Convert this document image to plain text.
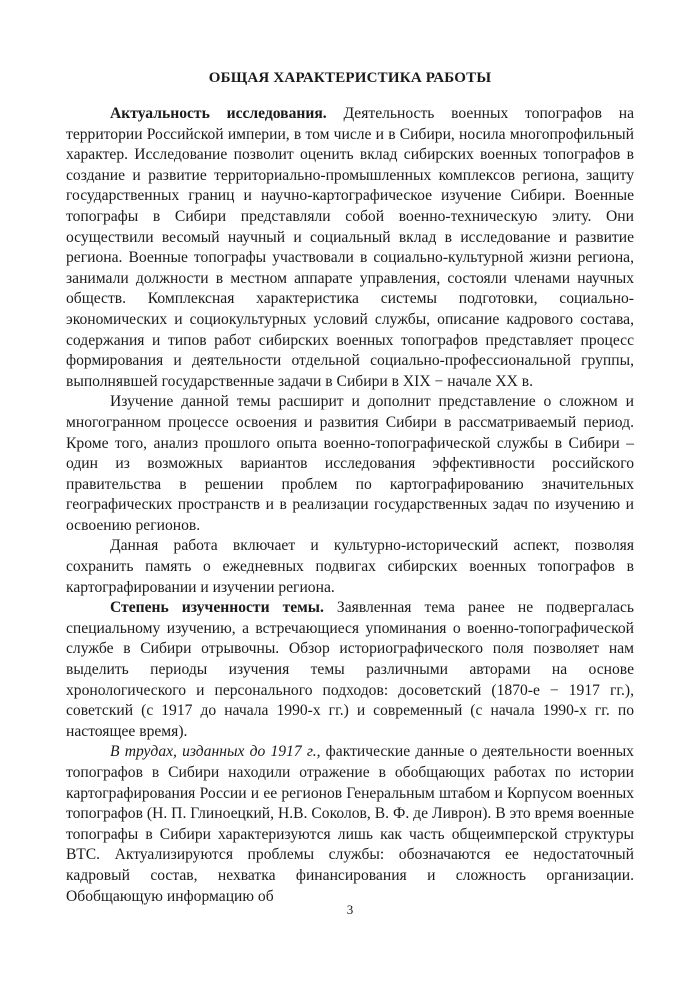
ОБЩАЯ ХАРАКТЕРИСТИКА РАБОТЫ

Актуальность исследования. Деятельность военных топографов на территории Российской империи, в том числе и в Сибири, носила многопрофильный характер. Исследование позволит оценить вклад сибирских военных топографов в создание и развитие территориально-промышленных комплексов региона, защиту государственных границ и научно-картографическое изучение Сибири. Военные топографы в Сибири представляли собой военно-техническую элиту. Они осуществили весомый научный и социальный вклад в исследование и развитие региона. Военные топографы участвовали в социально-культурной жизни региона, занимали должности в местном аппарате управления, состояли членами научных обществ. Комплексная характеристика системы подготовки, социально-экономических и социокультурных условий службы, описание кадрового состава, содержания и типов работ сибирских военных топографов представляет процесс формирования и деятельности отдельной социально-профессиональной группы, выполнявшей государственные задачи в Сибири в XIX − начале XX в.

Изучение данной темы расширит и дополнит представление о сложном и многогранном процессе освоения и развития Сибири в рассматриваемый период. Кроме того, анализ прошлого опыта военно-топографической службы в Сибири – один из возможных вариантов исследования эффективности российского правительства в решении проблем по картографированию значительных географических пространств и в реализации государственных задач по изучению и освоению регионов.

Данная работа включает и культурно-исторический аспект, позволяя сохранить память о ежедневных подвигах сибирских военных топографов в картографировании и изучении региона.

Степень изученности темы. Заявленная тема ранее не подвергалась специальному изучению, а встречающиеся упоминания о военно-топографической службе в Сибири отрывочны. Обзор историографического поля позволяет нам выделить периоды изучения темы различными авторами на основе хронологического и персонального подходов: досоветский (1870-е − 1917 гг.), советский (с 1917 до начала 1990-х гг.) и современный (с начала 1990-х гг. по настоящее время).

В трудах, изданных до 1917 г., фактические данные о деятельности военных топографов в Сибири находили отражение в обобщающих работах по истории картографирования России и ее регионов Генеральным штабом и Корпусом военных топографов (Н. П. Глиноецкий, Н.В. Соколов, В. Ф. де Ливрон). В это время военные топографы в Сибири характеризуются лишь как часть общеимперской структуры ВТС. Актуализируются проблемы службы: обозначаются ее недостаточный кадровый состав, нехватка финансирования и сложность организации. Обобщающую информацию об

3
